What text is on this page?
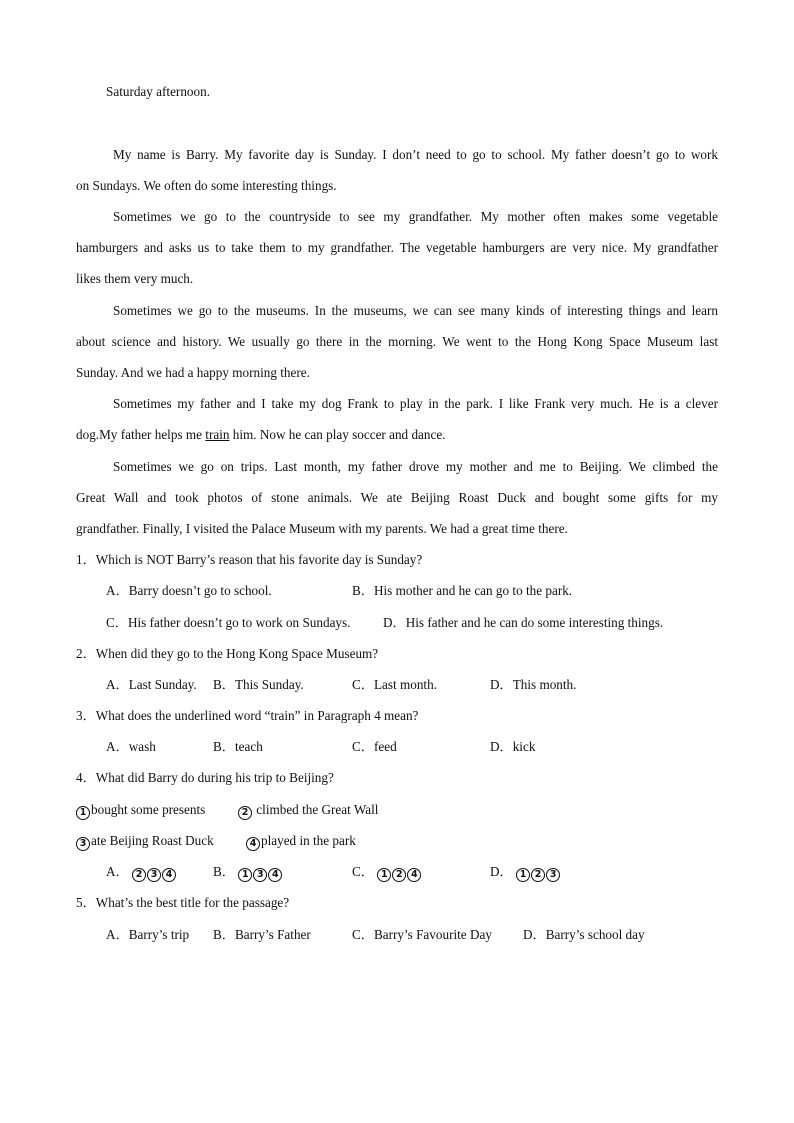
Saturday afternoon.
My name is Barry. My favorite day is Sunday. I don’t need to go to school. My father doesn’t go to work
on Sundays. We often do some interesting things.
Sometimes we go to the countryside to see my grandfather. My mother often makes some vegetable
hamburgers and asks us to take them to my grandfather. The vegetable hamburgers are very nice. My grandfather
likes them very much.
Sometimes we go to the museums. In the museums, we can see many kinds of interesting things and learn
about science and history. We usually go there in the morning. We went to the Hong Kong Space Museum last
Sunday. And we had a happy morning there.
Sometimes my father and I take my dog Frank to play in the park. I like Frank very much. He is a clever
dog.My father helps me train him. Now he can play soccer and dance.
Sometimes we go on trips. Last month, my father drove my mother and me to Beijing. We climbed the
Great Wall and took photos of stone animals. We ate Beijing Roast Duck and bought some gifts for my
grandfather. Finally, I visited the Palace Museum with my parents. We had a great time there.
1．Which is NOT Barry’s reason that his favorite day is Sunday?
A．Barry doesn’t go to school.	B．His mother and he can go to the park.
C．His father doesn’t go to work on Sundays. D．His father and he can do some interesting things.
2．When did they go to the Hong Kong Space Museum?
A．Last Sunday. B．This Sunday.	C．Last month.	D．This month.
3．What does the underlined word “train” in Paragraph 4 mean?
A．wash	B．teach	C．feed	D．kick
4．What did Barry do during his trip to Beijing?
1 bought some presents	2 climbed the Great Wall
3 ate Beijing Roast Duck	4 played in the park
A． 2 3 4	B． 1 3 4	C． 1 2 4	D． 1 2 3
5．What’s the best title for the passage?
A．Barry’s trip B．Barry’s Father	C．Barry’s Favourite Day D．Barry’s school day
